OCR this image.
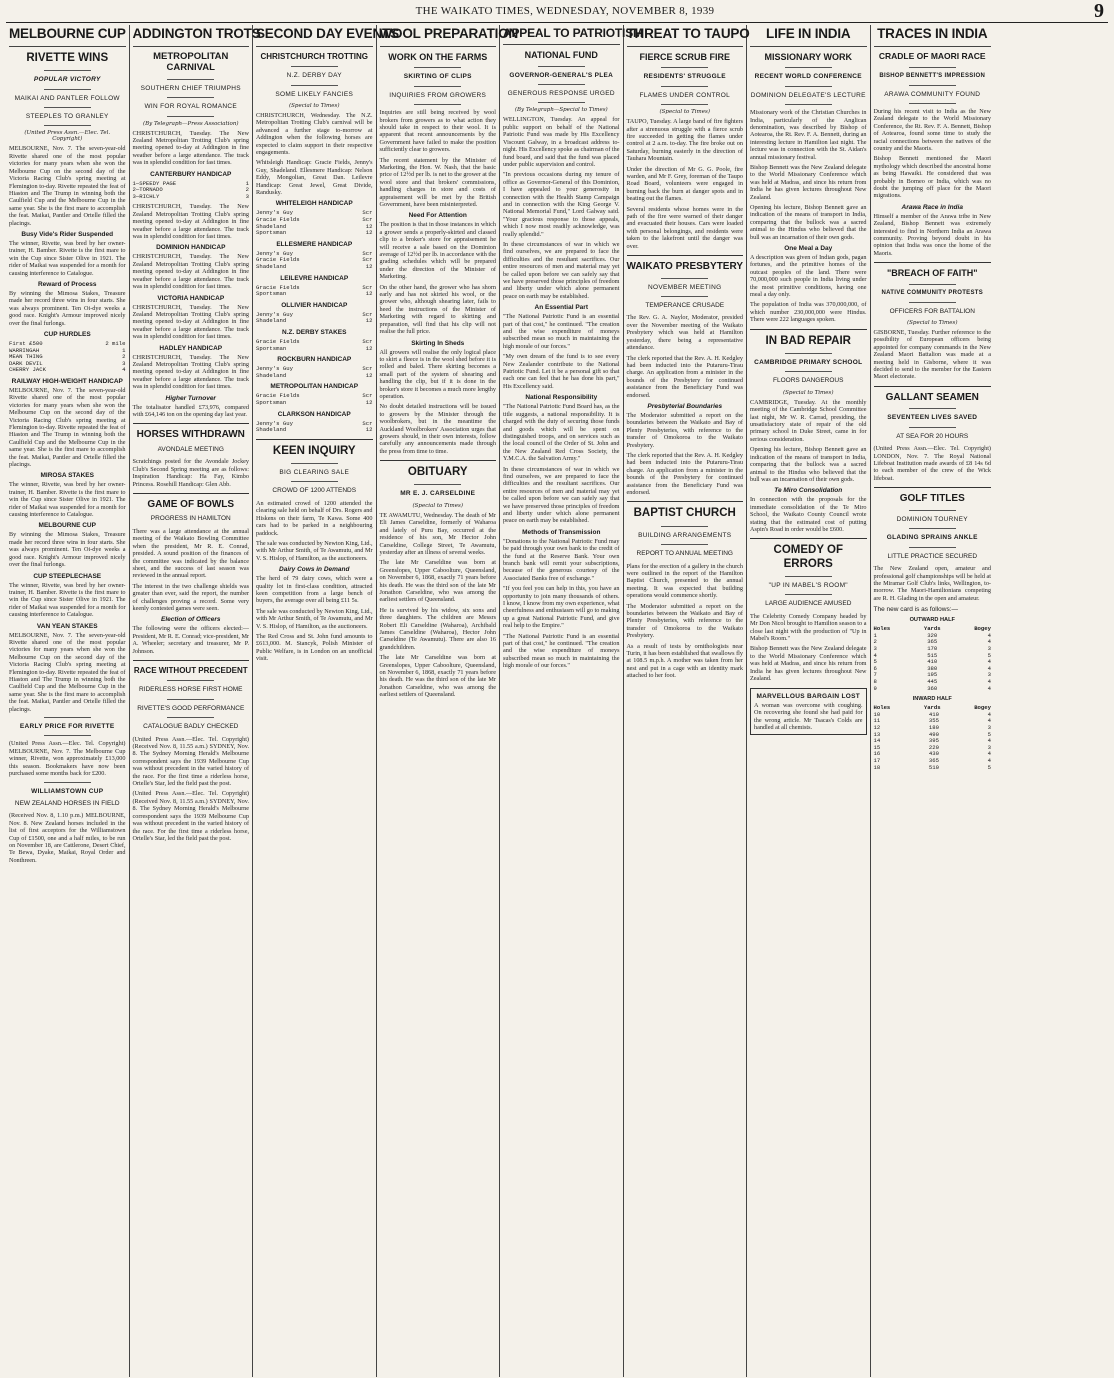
THE WAIKATO TIMES, WEDNESDAY, NOVEMBER 8, 1939	9
MELBOURNE CUP
RIVETTE WINS
POPULAR VICTORY
MAIKAI AND PANTLER FOLLOW
STEEPLES TO GRANLEY
(United Press Assn.—Elec. Tel. Copyright)

MELBOURNE, Nov. 7. The seven-year-old Rivette shared one of the most popular victories for many years when she won the Melbourne Cup on the second day of the Victoria Racing Club's spring meeting at Flemington to-day. Rivette repeated the feat of Hiaston and The Trump in winning both the Caulfield Cup and the Melbourne Cup in the same year. She is the first mare to accomplish the feat. Maikai, Pantler and Ortelle filled the placings.

Busy Vide's Rider Suspended

The winner, Rivette, was bred by her owner-trainer, H. Bamber. Rivette is the first mare to win the Cup since Sister Olive in 1921. The rider of Maikai was suspended for a month for causing interference to Catalogue.

Reward of Process

By winning the Mimosa Stakes, Treasure made her record three wins in four starts. She was always prominent. Ten Oi-dye weeks a good race. Knight's Armour improved nicely over the final furlongs.

CUP HURDLES
First £500	2 mile
WARRINGAH	1
MEAN THING	2
DARK DEVIL	3
CHERRY JACK	4
RAILWAY HIGH-WEIGHT HANDICAP

MELBOURNE, Nov. 7. The seven-year-old Rivette shared one of the most popular victories for many years when she won the Melbourne Cup on the second day of the Victoria Racing Club's spring meeting at Flemington to-day. Rivette repeated the feat of Hiaston and The Trump in winning both the Caulfield Cup and the Melbourne Cup in the same year. She is the first mare to accomplish the feat. Maikai, Pantler and Ortelle filled the placings.

MIROSA STAKES

The winner, Rivette, was bred by her owner-trainer, H. Bamber. Rivette is the first mare to win the Cup since Sister Olive in 1921. The rider of Maikai was suspended for a month for causing interference to Catalogue.

MELBOURNE CUP

By winning the Mimosa Stakes, Treasure made her record three wins in four starts. She was always prominent. Ten Oi-dye weeks a good race. Knight's Armour improved nicely over the final furlongs.

CUP STEEPLECHASE

The winner, Rivette, was bred by her owner-trainer, H. Bamber. Rivette is the first mare to win the Cup since Sister Olive in 1921. The rider of Maikai was suspended for a month for causing interference to Catalogue.

VAN YEAN STAKES

MELBOURNE, Nov. 7. The seven-year-old Rivette shared one of the most popular victories for many years when she won the Melbourne Cup on the second day of the Victoria Racing Club's spring meeting at Flemington to-day. Rivette repeated the feat of Hiaston and The Trump in winning both the Caulfield Cup and the Melbourne Cup in the same year. She is the first mare to accomplish the feat. Maikai, Pantler and Ortelle filled the placings.

EARLY PRICE FOR RIVETTE

(United Press Assn.—Elec. Tel. Copyright) MELBOURNE, Nov. 7. The Melbourne Cup winner, Rivette, won approximately £13,000 this season. Bookmakers have now been purchased some months back for £200.

WILLIAMSTOWN CUP
NEW ZEALAND HORSES IN FIELD

(Received Nov. 8, 1.10 p.m.) MELBOURNE, Nov. 8. New Zealand horses included in the list of first acceptors for the Williamstown Cup of £1500, one and a half miles, to be run on November 18, are Cattlerone, Desert Chief, Te Bewa, Dyake, Maikai, Royal Order and Nonthreen.

ADDINGTON TROTS
METROPOLITAN CARNIVAL
SOUTHERN CHIEF TRIUMPHS
WIN FOR ROYAL ROMANCE
(By Telegraph—Press Association)

CHRISTCHURCH, Tuesday. The New Zealand Metropolitan Trotting Club's spring meeting opened to-day at Addington in fine weather before a large attendance. The track was in splendid condition for fast times.

CANTERBURY HANDICAP
1—SPEEDY PAGE	1
2—TORNADO	2
3—RICHLY	3

CHRISTCHURCH, Tuesday. The New Zealand Metropolitan Trotting Club's spring meeting opened to-day at Addington in fine weather before a large attendance. The track was in splendid condition for fast times.

DOMINION HANDICAP

CHRISTCHURCH, Tuesday. The New Zealand Metropolitan Trotting Club's spring meeting opened to-day at Addington in fine weather before a large attendance. The track was in splendid condition for fast times.

VICTORIA HANDICAP

CHRISTCHURCH, Tuesday. The New Zealand Metropolitan Trotting Club's spring meeting opened to-day at Addington in fine weather before a large attendance. The track was in splendid condition for fast times.

HADLEY HANDICAP

CHRISTCHURCH, Tuesday. The New Zealand Metropolitan Trotting Club's spring meeting opened to-day at Addington in fine weather before a large attendance. The track was in splendid condition for fast times.

Higher Turnover

The totalisator handled £73,976, compared with £64,146 ton on the opening day last year.

HORSES WITHDRAWN
AVONDALE MEETING

Scratchings posted for the Avondale Jockey Club's Second Spring meeting are as follows: Inspiration Handicap: Ha Fay, Kimbo Princess. Rosehill Handicap: Glen Abb.

GAME OF BOWLS
PROGRESS IN HAMILTON

There was a large attendance at the annual meeting of the Waikato Bowling Committee when the president, Mr R. E. Conrad, presided. A sound position of the finances of the committee was indicated by the balance sheet, and the success of last season was reviewed in the annual report.

The interest in the two challenge shields was greater than ever, said the report, the number of challenges proving a record. Some very keenly contested games were seen.

Election of Officers

The following were the officers elected:—President, Mr R. E. Conrad; vice-president, Mr A. Wheeler; secretary and treasurer, Mr P. Johnson.

RACE WITHOUT PRECEDENT
RIDERLESS HORSE FIRST HOME
RIVETTE'S GOOD PERFORMANCE
CATALOGUE BADLY CHECKED

(United Press Assn.—Elec. Tel. Copyright) (Received Nov. 8, 11.55 a.m.) SYDNEY, Nov. 8. The Sydney Morning Herald's Melbourne correspondent says the 1939 Melbourne Cup was without precedent in the varied history of the race. For the first time a riderless horse, Ortelle's Star, led the field past the post.

(United Press Assn.—Elec. Tel. Copyright) (Received Nov. 8, 11.55 a.m.) SYDNEY, Nov. 8. The Sydney Morning Herald's Melbourne correspondent says the 1939 Melbourne Cup was without precedent in the varied history of the race. For the first time a riderless horse, Ortelle's Star, led the field past the post.

SECOND DAY EVENTS
CHRISTCHURCH TROTTING
N.Z. DERBY DAY
SOME LIKELY FANCIES
(Special to Times)

CHRISTCHURCH, Wednesday. The N.Z. Metropolitan Trotting Club's carnival will be advanced a further stage to-morrow at Addington when the following horses are expected to claim support in their respective engagements.

Whitsleigh Handicap: Gracie Fields, Jenny's Guy, Shadeland. Ellesmere Handicap: Nelson Eddy, Mongolian, Great Dan. Leilevre Handicap: Great Jewel, Great Divide, Randusky.

WHITELEIGH HANDICAP
Jenny's Guy	Scr
Gracie Fields	Scr
Shadeland	12
Sportsman	12
ELLESMERE HANDICAP
Jenny's Guy	Scr
Gracie Fields	Scr
Shadeland	12
LEILEVRE HANDICAP
Gracie Fields	Scr
Sportsman	12
OLLIVIER HANDICAP
Jenny's Guy	Scr
Shadeland	12
N.Z. DERBY STAKES
Gracie Fields	Scr
Sportsman	12
ROCKBURN HANDICAP
Jenny's Guy	Scr
Shadeland	12
METROPOLITAN HANDICAP
Gracie Fields	Scr
Sportsman	12
CLARKSON HANDICAP
Jenny's Guy	Scr
Shadeland	12
KEEN INQUIRY
BIG CLEARING SALE
CROWD OF 1200 ATTENDS

An estimated crowd of 1200 attended the clearing sale held on behalf of Drs. Rogers and Hiskens on their farm, Te Kawa. Some 400 cars had to be parked in a neighbouring paddock.

The sale was conducted by Newton King, Ltd., with Mr Arthur Smith, of Te Awamutu, and Mr V. S. Hislop, of Hamilton, as the auctioneers.

Dairy Cows in Demand

The herd of 79 dairy cows, which were a quality lot in first-class condition, attracted keen competition from a large bench of buyers, the average over all being £11 5s.

The sale was conducted by Newton King, Ltd., with Mr Arthur Smith, of Te Awamutu, and Mr V. S. Hislop, of Hamilton, as the auctioneers.

The Red Cross and St. John fund amounts to £613,000. M. Stancyk, Polish Minister of Public Welfare, is in London on an unofficial visit.

WOOL PREPARATION
WORK ON THE FARMS
SKIRTING OF CLIPS
INQUIRIES FROM GROWERS

Inquiries are still being received by wool brokers from growers as to what action they should take in respect to their wool. It is apparent that recent announcements by the Government have failed to make the position sufficiently clear to growers.

The recent statement by the Minister of Marketing, the Hon. W. Nash, that the basic price of 12½d per lb. is net to the grower at the wool store and that brokers' commissions, handling charges in store and costs of appraisement will be met by the British Government, have been misinterpreted.

Need For Attention

The position is that in those instances in which a grower sends a properly-skirted and classed clip to a broker's store for appraisement he will receive a sale based on the Dominion average of 12½d per lb. in accordance with the grading schedules which will be prepared under the direction of the Minister of Marketing.

On the other hand, the grower who has shorn early and has not skirted his wool, or the grower who, although shearing later, fails to heed the instructions of the Minister of Marketing with regard to skirting and preparation, will find that his clip will not realise the full price.

Skirting In Sheds

All growers will realise the only logical place to skirt a fleece is in the wool shed before it is rolled and baled. There skirting becomes a small part of the system of shearing and handling the clip, but if it is done in the broker's store it becomes a much more lengthy operation.

No doubt detailed instructions will be issued to growers by the Minister through the woolbrokers, but in the meantime the Auckland Woolbrokers' Association urges that growers should, in their own interests, follow carefully any announcements made through the press from time to time.

OBITUARY
MR E. J. CARSELDINE
(Special to Times)

TE AWAMUTU, Wednesday. The death of Mr Eli James Carseldine, formerly of Waharoa and lately of Puru Bay, occurred at the residence of his son, Mr Hector John Carseldine, College Street, Te Awamutu, yesterday after an illness of several weeks.

The late Mr Carseldine was born at Greenslopes, Upper Caboolture, Queensland, on November 6, 1868, exactly 71 years before his death. He was the third son of the late Mr Jonathon Carseldine, who was among the earliest settlers of Queensland.

He is survived by his widow, six sons and three daughters. The children are Messrs Robert Eli Carseldine (Waharoa), Archibald James Carseldine (Waharoa), Hector John Carseldine (Te Awamutu). There are also 16 grandchildren.

The late Mr Carseldine was born at Greenslopes, Upper Caboolture, Queensland, on November 6, 1868, exactly 71 years before his death. He was the third son of the late Mr Jonathon Carseldine, who was among the earliest settlers of Queensland.

APPEAL TO PATRIOTISM
NATIONAL FUND
GOVERNOR-GENERAL'S PLEA
GENEROUS RESPONSE URGED
(By Telegraph—Special to Times)

WELLINGTON, Tuesday. An appeal for public support on behalf of the National Patriotic Fund was made by His Excellency Viscount Galway, in a broadcast address to-night. His Excellency spoke as chairman of the fund board, and said that the fund was placed under public supervision and control.

"In previous occasions during my tenure of office as Governor-General of this Dominion, I have appealed to your generosity in connection with the Health Stamp Campaign and in connection with the King George V. National Memorial Fund," Lord Galway said. "Your gracious response to those appeals, which I now most readily acknowledge, was really splendid."

In these circumstances of war in which we find ourselves, we are prepared to face the difficulties and the resultant sacrifices. Our entire resources of men and material may yet be called upon before we can safely say that we have preserved those principles of freedom and liberty under which alone permanent peace on earth may be established.

An Essential Part

"The National Patriotic Fund is an essential part of that cost," he continued. "The creation and the wise expenditure of moneys subscribed mean so much in maintaining the high morale of our forces."

"My own dream of the fund is to see every New Zealander contribute to the National Patriotic Fund. Let it be a personal gift so that each one can feel that he has done his part," His Excellency said.

National Responsibility

"The National Patriotic Fund Board has, as the title suggests, a national responsibility. It is charged with the duty of securing those funds and goods which will be spent on distinguished troops, and on services such as the local council of the Order of St. John and the New Zealand Red Cross Society, the Y.M.C.A. the Salvation Army."

In these circumstances of war in which we find ourselves, we are prepared to face the difficulties and the resultant sacrifices. Our entire resources of men and material may yet be called upon before we can safely say that we have preserved those principles of freedom and liberty under which alone permanent peace on earth may be established.

Methods of Transmission

"Donations to the National Patriotic Fund may be paid through your own bank to the credit of the fund at the Reserve Bank. Your own branch bank will remit your subscriptions, because of the generous courtesy of the Associated Banks free of exchange."

"If you feel you can help in this, you have an opportunity to join many thousands of others. I know, I know from my own experience, what cheerfulness and enthusiasm will go to making up a great National Patriotic Fund, and give real help to the Empire."

"The National Patriotic Fund is an essential part of that cost," he continued. "The creation and the wise expenditure of moneys subscribed mean so much in maintaining the high morale of our forces."

THREAT TO TAUPO
FIERCE SCRUB FIRE
RESIDENTS' STRUGGLE
FLAMES UNDER CONTROL
(Special to Times)

TAUPO, Tuesday. A large band of fire fighters after a strenuous struggle with a fierce scrub fire succeeded in getting the flames under control at 2 a.m. to-day. The fire broke out on Saturday, burning easterly in the direction of Tauhara Mountain.

Under the direction of Mr G. G. Poole, fire warden, and Mr F. Grey, foreman of the Taupo Road Board, volunteers were engaged in burning back the burn at danger spots and in beating out the flames.

Several residents whose homes were in the path of the fire were warned of their danger and evacuated their houses. Cars were loaded with personal belongings, and residents were taken to the lakefront until the danger was over.

WAIKATO PRESBYTERY
NOVEMBER MEETING
TEMPERANCE CRUSADE

The Rev. G. A. Naylor, Moderator, presided over the November meeting of the Waikato Presbytery which was held at Hamilton yesterday, there being a representative attendance.

The clerk reported that the Rev. A. H. Kedgley had been inducted into the Putaruru-Tirau charge. An application from a minister in the bounds of the Presbytery for continued assistance from the Beneficiary Fund was endorsed.

Presbyterial Boundaries

The Moderator submitted a report on the boundaries between the Waikato and Bay of Plenty Presbyteries, with reference to the transfer of Omokoroa to the Waikato Presbytery.

The clerk reported that the Rev. A. H. Kedgley had been inducted into the Putaruru-Tirau charge. An application from a minister in the bounds of the Presbytery for continued assistance from the Beneficiary Fund was endorsed.

BAPTIST CHURCH
BUILDING ARRANGEMENTS
REPORT TO ANNUAL MEETING

Plans for the erection of a gallery in the church were outlined in the report of the Hamilton Baptist Church, presented to the annual meeting. It was expected that building operations would commence shortly.

The Moderator submitted a report on the boundaries between the Waikato and Bay of Plenty Presbyteries, with reference to the transfer of Omokoroa to the Waikato Presbytery.

As a result of tests by ornithologists near Turin, it has been established that swallows fly at 108.5 m.p.h. A mother was taken from her nest and put in a cage with an identity mark attached to her foot.

LIFE IN INDIA
MISSIONARY WORK
RECENT WORLD CONFERENCE
DOMINION DELEGATE'S LECTURE

Missionary work of the Christian Churches in India, particularly of the Anglican denomination, was described by Bishop of Aotearoa, the Rt. Rev. F. A. Bennett, during an interesting lecture in Hamilton last night. The lecture was in connection with the St. Aidan's annual missionary festival.

Bishop Bennett was the New Zealand delegate to the World Missionary Conference which was held at Madras, and since his return from India he has given lectures throughout New Zealand.

Opening his lecture, Bishop Bennett gave an indication of the means of transport in India, comparing that the bullock was a sacred animal to the Hindus who believed that the bull was an incarnation of their own gods.

One Meal a Day

A description was given of Indian gods, pagan fortunes, and the primitive homes of the outcast peoples of the land. There were 70,000,000 such people in India living under the most primitive conditions, having one meal a day only.

The population of India was 370,000,000, of which number 230,000,000 were Hindus. There were 222 languages spoken.

IN BAD REPAIR
CAMBRIDGE PRIMARY SCHOOL
FLOORS DANGEROUS
(Special to Times)

CAMBRIDGE, Tuesday. At the monthly meeting of the Cambridge School Committee last night, Mr W. R. Carrad, presiding, the unsatisfactory state of repair of the old primary school in Duke Street, came in for serious consideration.

Opening his lecture, Bishop Bennett gave an indication of the means of transport in India, comparing that the bullock was a sacred animal to the Hindus who believed that the bull was an incarnation of their own gods.

Te Miro Consolidation

In connection with the proposals for the immediate consolidation of the Te Miro School, the Waikato County Council wrote stating that the estimated cost of putting Aspin's Road in order would be £600.

COMEDY OF ERRORS
"UP IN MABEL'S ROOM"
LARGE AUDIENCE AMUSED

The Celebrity Comedy Company headed by Mr Don Nicol brought to Hamilton season to a close last night with the production of "Up in Mabel's Room."

Bishop Bennett was the New Zealand delegate to the World Missionary Conference which was held at Madras, and since his return from India he has given lectures throughout New Zealand.

MARVELLOUS BARGAIN LOST

A woman was overcome with coughing. On recovering she found she had paid for the wrong article. Mr Tsacas's Colds are handled at all chemists.

TRACES IN INDIA
CRADLE OF MAORI RACE
BISHOP BENNETT'S IMPRESSION
ARAWA COMMUNITY FOUND

During his recent visit to India as the New Zealand delegate to the World Missionary Conference, the Rt. Rev. F. A. Bennett, Bishop of Aotearoa, found some time to study the racial connections between the natives of the country and the Maoris.

Bishop Bennett mentioned the Maori mythology which described the ancestral home as being Hawaiki. He considered that was probably in Borneo or India, which was no doubt the jumping off place for the Maori migrations.

Arawa Race in India

Himself a member of the Arawa tribe in New Zealand, Bishop Bennett was extremely interested to find in Northern India an Arawa community. Proving beyond doubt in his opinion that India was once the home of the Maoris.

"BREACH OF FAITH"
NATIVE COMMUNITY PROTESTS
OFFICERS FOR BATTALION
(Special to Times)

GISBORNE, Tuesday. Further reference to the possibility of European officers being appointed for company commands in the New Zealand Maori Battalion was made at a meeting held in Gisborne, where it was decided to send to the member for the Eastern Maori electorate.

GALLANT SEAMEN
SEVENTEEN LIVES SAVED
AT SEA FOR 20 HOURS

(United Press Assn.—Elec. Tel. Copyright) LONDON, Nov. 7. The Royal National Lifeboat Institution made awards of £8 14s 6d to each member of the crew of the Wick lifeboat.

GOLF TITLES
DOMINION TOURNEY
GLADING SPRAINS ANKLE
LITTLE PRACTICE SECURED

The New Zealand open, amateur and professional golf championships will be held at the Miramar Golf Club's links, Wellington, to-morrow. The Maori-Hamiltonians competing are R. H. Glading in the open and amateur.

The new card is as follows:—
OUTWARD HALF
Holes	Yards	Bogey
1	320	4
2	365	4
3	170	3
4	515	5
5	410	4
6	380	4
7	195	3
8	445	4
9	360	4
INWARD HALF
Holes	Yards	Bogey
10	410	4
11	355	4
12	180	3
13	490	5
14	395	4
15	220	3
16	430	4
17	365	4
18	510	5
